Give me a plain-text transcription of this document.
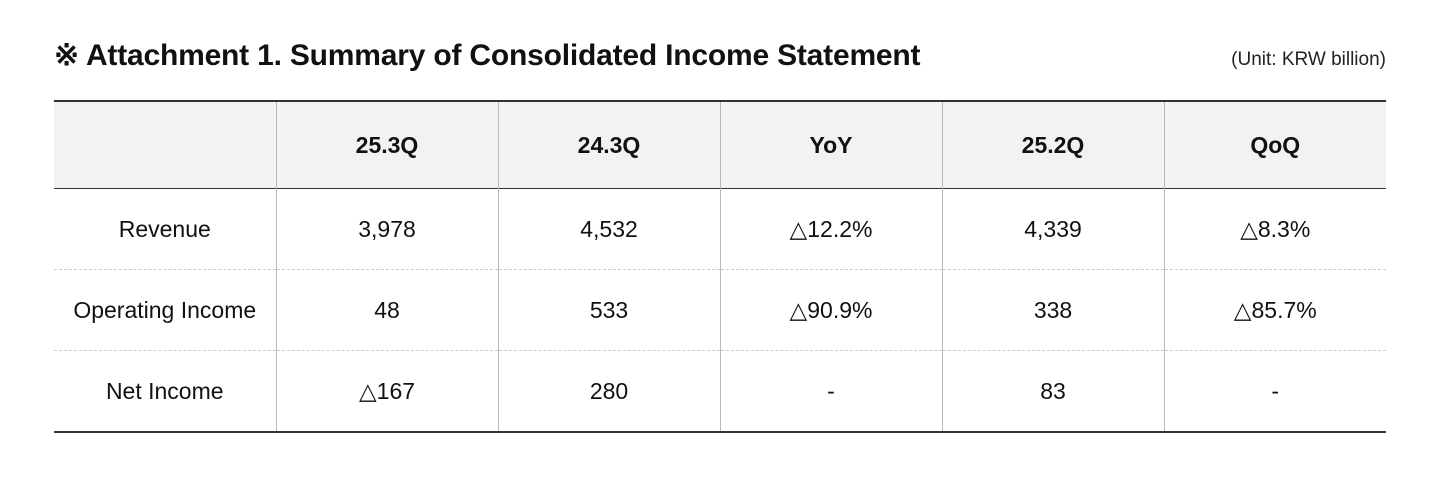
※ Attachment 1. Summary of Consolidated Income Statement	(Unit: KRW billion)
	25.3Q	24.3Q	YoY	25.2Q	QoQ
Revenue	3,978	4,532	△12.2%	4,339	△8.3%
Operating Income	48	533	△90.9%	338	△85.7%
Net Income	△167	280	-	83	-
